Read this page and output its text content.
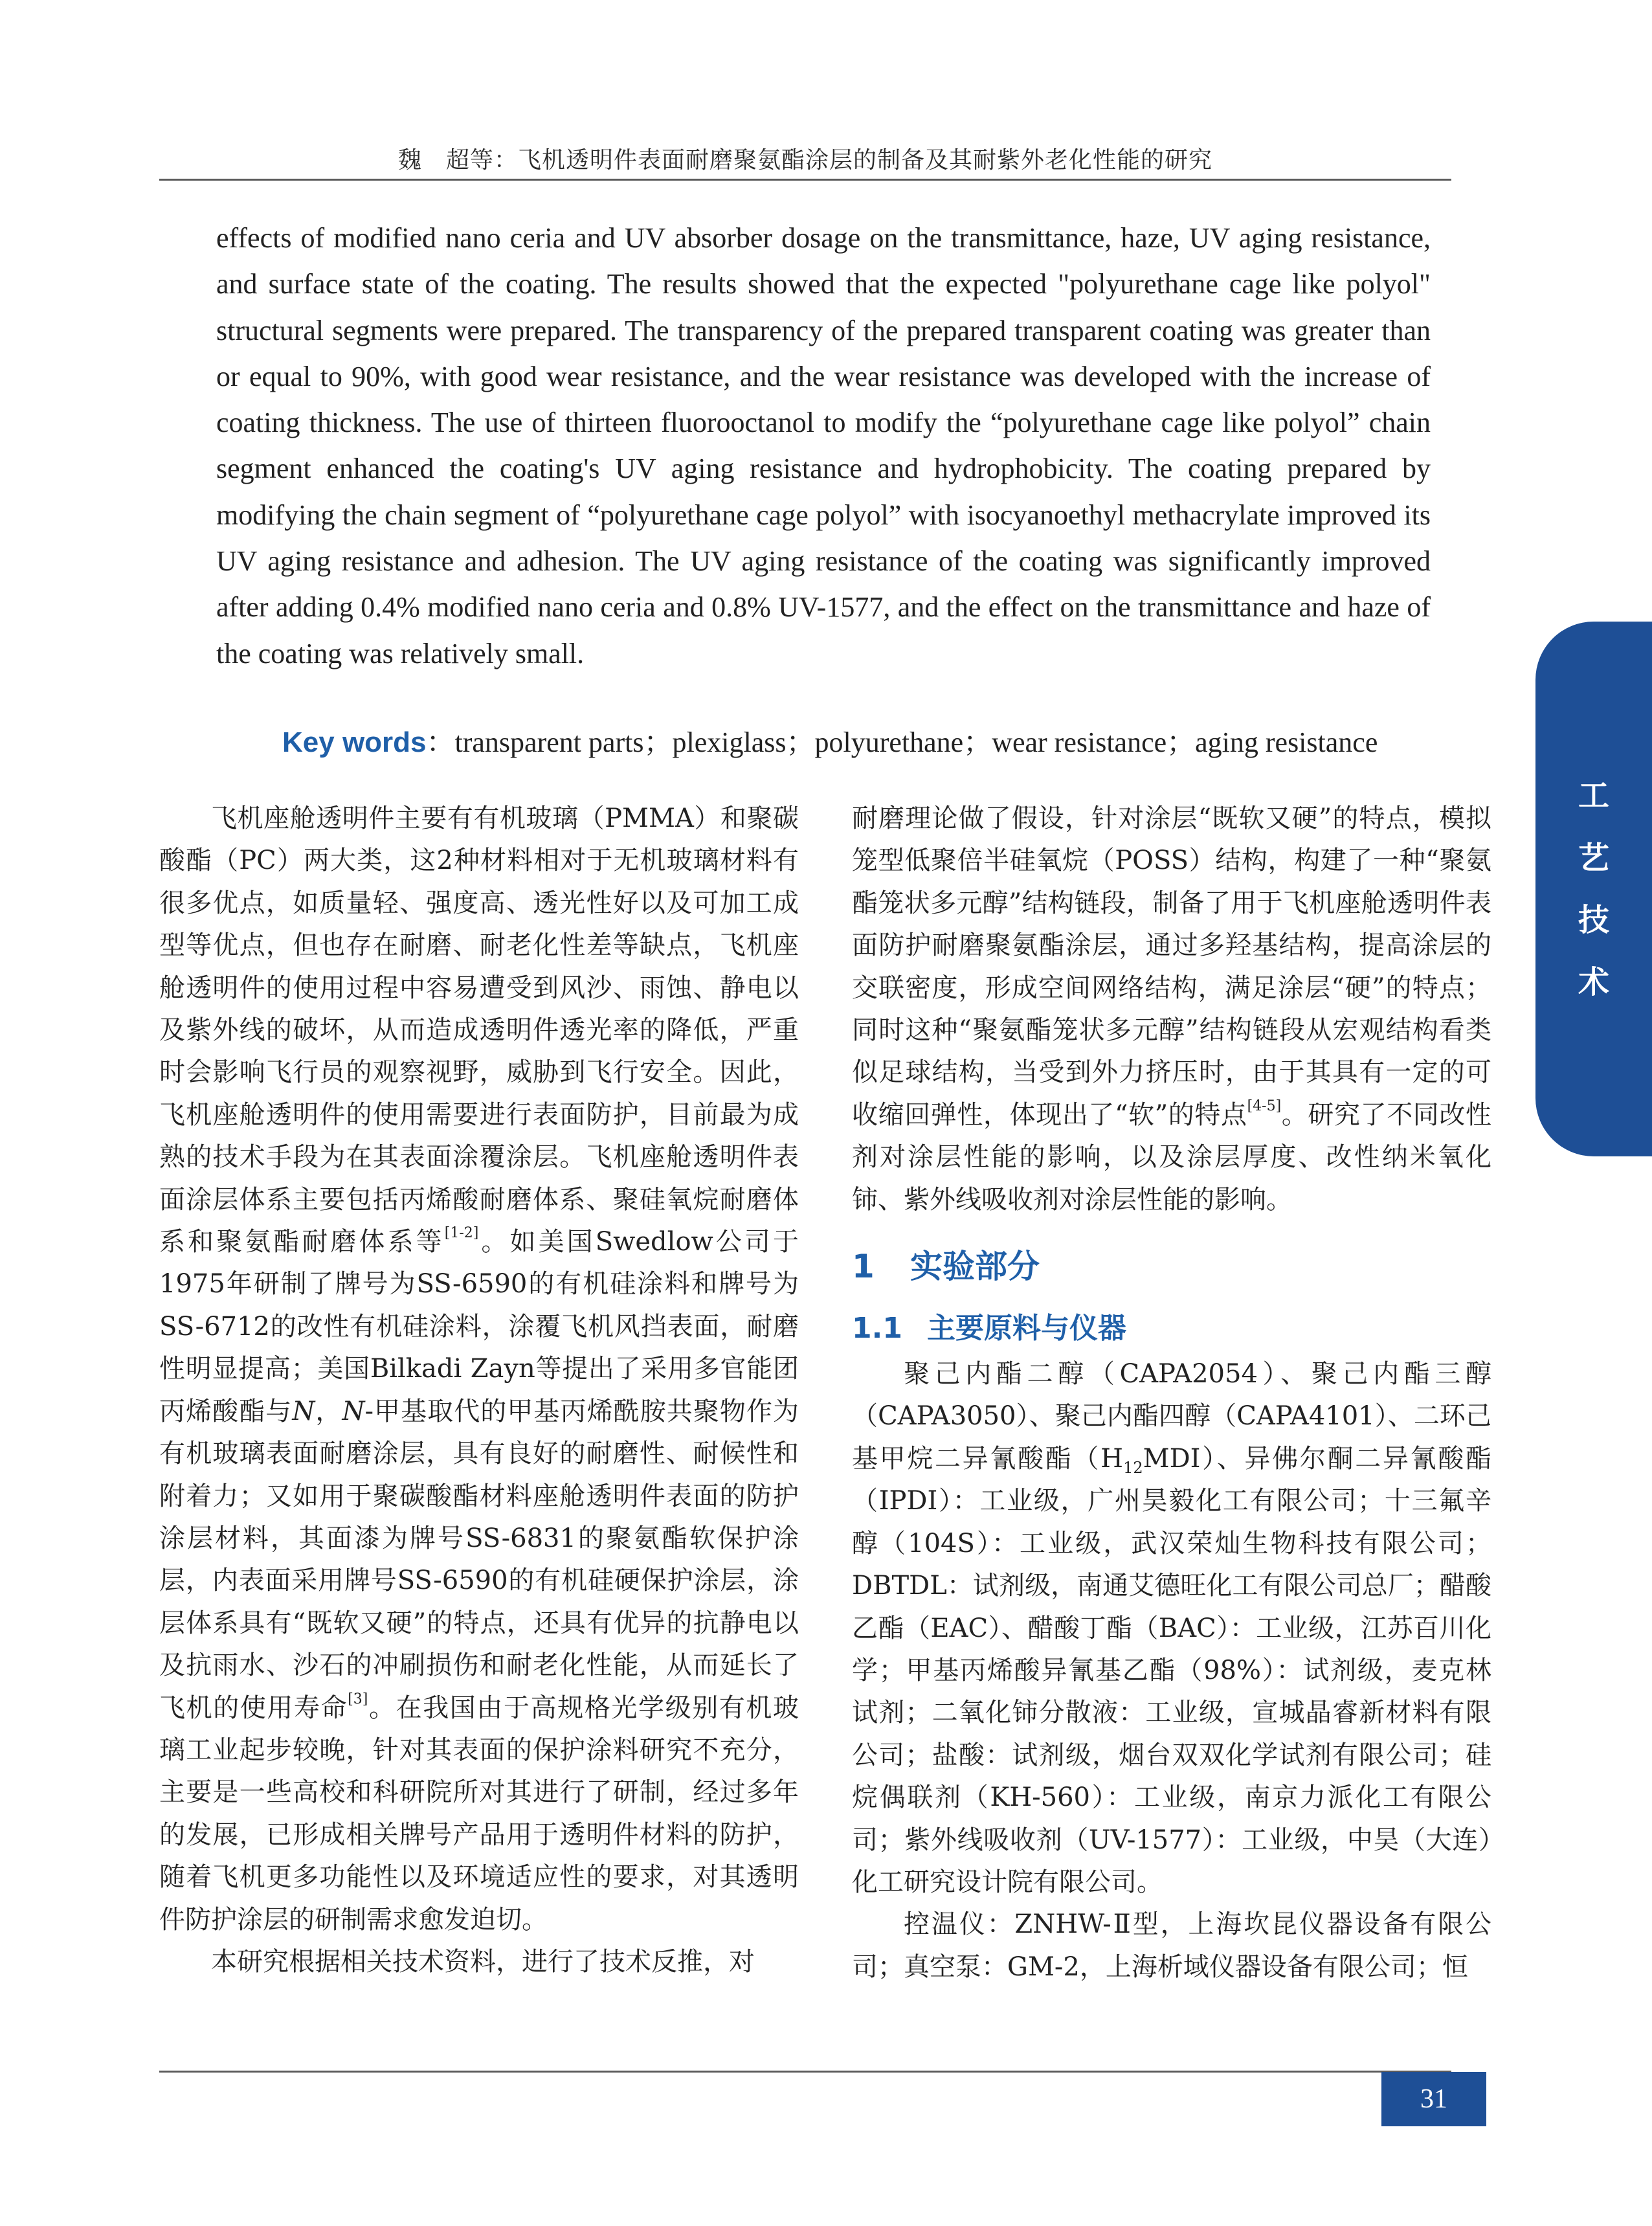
魏　超等：飞机透明件表面耐磨聚氨酯涂层的制备及其耐紫外老化性能的研究
effects of modified nano ceria and UV absorber dosage on the transmittance, haze, UV aging resistance, and surface state of the coating. The results showed that the expected "polyurethane cage like polyol" structural segments were prepared. The transparency of the prepared transparent coating was greater than or equal to 90%, with good wear resistance, and the wear resistance was developed with the increase of coating thickness. The use of thirteen fluorooctanol to modify the “polyurethane cage like polyol” chain segment enhanced the coating's UV aging resistance and hydrophobicity. The coating prepared by modifying the chain segment of “polyurethane cage polyol” with isocyanoethyl methacrylate improved its UV aging resistance and adhesion. The UV aging resistance of the coating was significantly improved after adding 0.4% modified nano ceria and 0.8% UV-1577, and the effect on the transmittance and haze of the coating was relatively small.
Key words：transparent parts；plexiglass；polyurethane；wear resistance；aging resistance

飞机座舱透明件主要有有机玻璃（PMMA）和聚碳酸酯（PC）两大类，这2种材料相对于无机玻璃材料有很多优点，如质量轻、强度高、透光性好以及可加工成型等优点，但也存在耐磨、耐老化性差等缺点，飞机座舱透明件的使用过程中容易遭受到风沙、雨蚀、静电以及紫外线的破坏，从而造成透明件透光率的降低，严重时会影响飞行员的观察视野，威胁到飞行安全。因此，飞机座舱透明件的使用需要进行表面防护，目前最为成熟的技术手段为在其表面涂覆涂层。飞机座舱透明件表面涂层体系主要包括丙烯酸耐磨体系、聚硅氧烷耐磨体系和聚氨酯耐磨体系等[1-2]。如美国Swedlow公司于1975年研制了牌号为SS-6590的有机硅涂料和牌号为SS-6712的改性有机硅涂料，涂覆飞机风挡表面，耐磨性明显提高；美国Bilkadi Zayn等提出了采用多官能团丙烯酸酯与N，N-甲基取代的甲基丙烯酰胺共聚物作为有机玻璃表面耐磨涂层，具有良好的耐磨性、耐候性和附着力；又如用于聚碳酸酯材料座舱透明件表面的防护涂层材料，其面漆为牌号SS-6831的聚氨酯软保护涂层，内表面采用牌号SS-6590的有机硅硬保护涂层，涂层体系具有“既软又硬”的特点，还具有优异的抗静电以及抗雨水、沙石的冲刷损伤和耐老化性能，从而延长了飞机的使用寿命[3]。在我国由于高规格光学级别有机玻璃工业起步较晚，针对其表面的保护涂料研究不充分，主要是一些高校和科研院所对其进行了研制，经过多年的发展，已形成相关牌号产品用于透明件材料的防护，随着飞机更多功能性以及环境适应性的要求，对其透明件防护涂层的研制需求愈发迫切。

本研究根据相关技术资料，进行了技术反推，对

耐磨理论做了假设，针对涂层“既软又硬”的特点，模拟笼型低聚倍半硅氧烷（POSS）结构，构建了一种“聚氨酯笼状多元醇”结构链段，制备了用于飞机座舱透明件表面防护耐磨聚氨酯涂层，通过多羟基结构，提高涂层的交联密度，形成空间网络结构，满足涂层“硬”的特点；同时这种“聚氨酯笼状多元醇”结构链段从宏观结构看类似足球结构，当受到外力挤压时，由于其具有一定的可收缩回弹性，体现出了“软”的特点[4-5]。研究了不同改性剂对涂层性能的影响，以及涂层厚度、改性纳米氧化铈、紫外线吸收剂对涂层性能的影响。

1 实验部分
1.1 主要原料与仪器

聚己内酯二醇（CAPA2054）、聚己内酯三醇（CAPA3050）、聚己内酯四醇（CAPA4101）、二环己基甲烷二异氰酸酯$(H_{12}MDI)$、异佛尔酮二异氰酸酯（IPDI）：工业级，广州昊毅化工有限公司；十三氟辛醇（104S）：工业级，武汉荣灿生物科技有限公司；DBTDL：试剂级，南通艾德旺化工有限公司总厂；醋酸乙酯（EAC）、醋酸丁酯（BAC）：工业级，江苏百川化学；甲基丙烯酸异氰基乙酯（98%）：试剂级，麦克林试剂；二氧化铈分散液：工业级，宣城晶睿新材料有限公司；盐酸：试剂级，烟台双双化学试剂有限公司；硅烷偶联剂（KH-560）：工业级，南京力派化工有限公司；紫外线吸收剂（UV-1577）：工业级，中昊（大连）化工研究设计院有限公司。

控温仪：ZNHW-Ⅱ型，上海坎昆仪器设备有限公司；真空泵：GM-2，上海析域仪器设备有限公司；恒

工
艺
技
术
31
